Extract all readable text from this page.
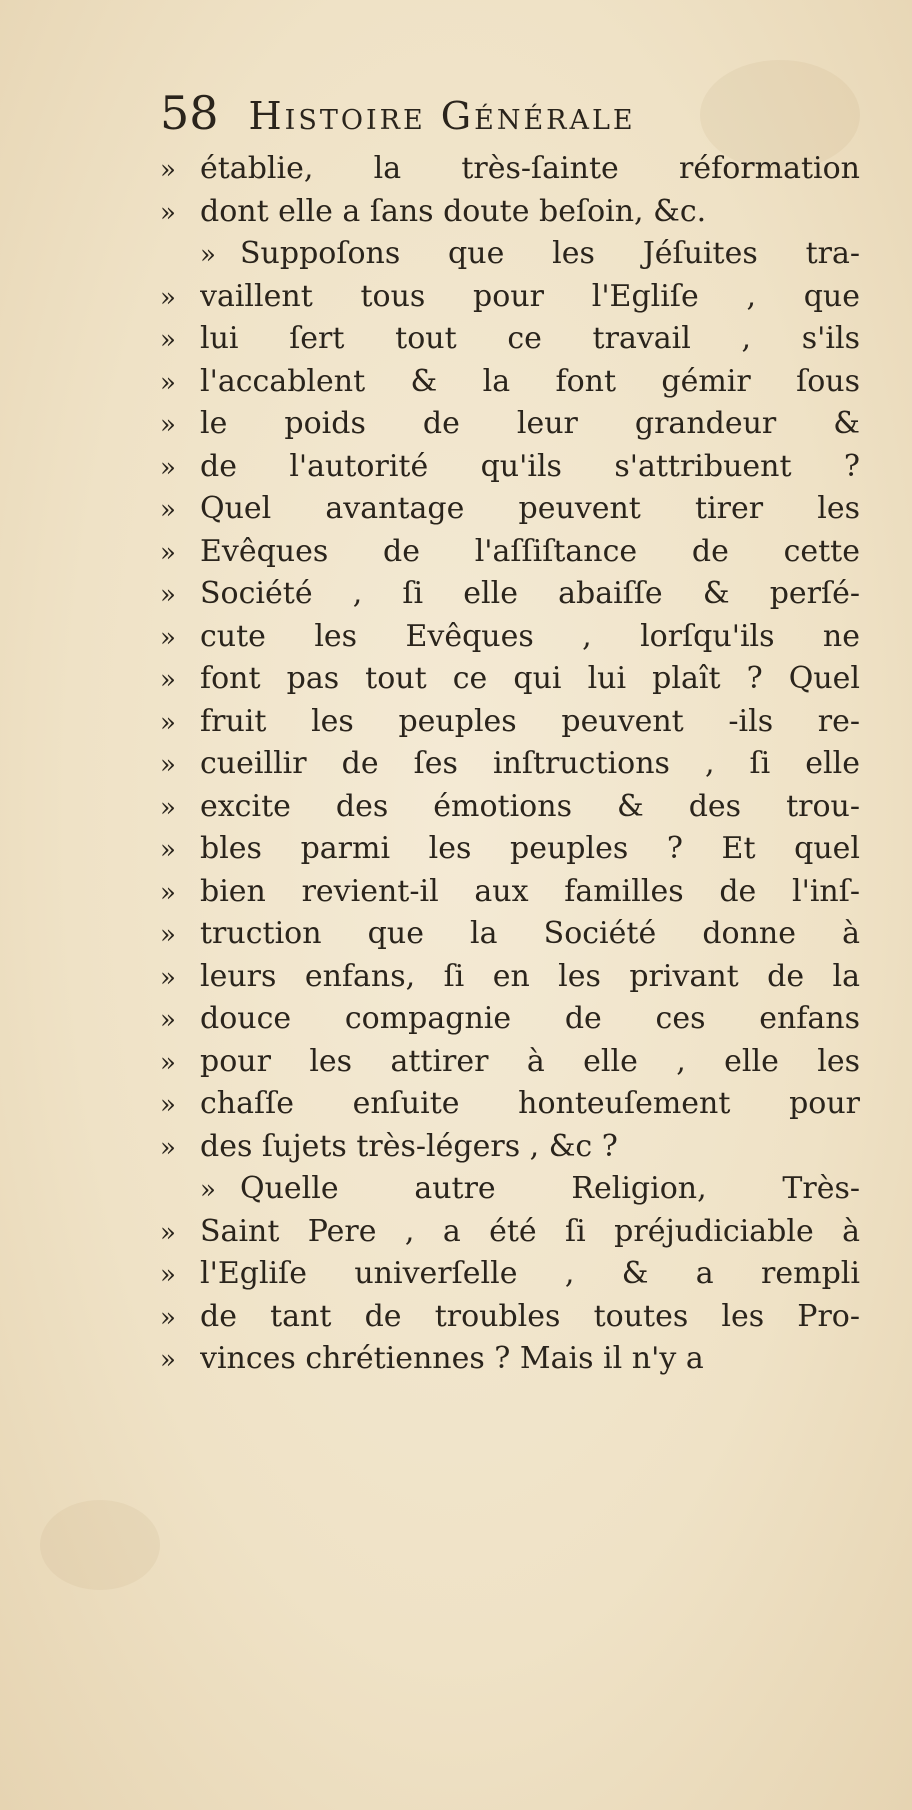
58 Histoire Générale
» établie, la très-ſainte réformation
» dont elle a ſans doute beſoin, &c.
» Suppoſons que les Jéſuites tra-
» vaillent tous pour l'Egliſe , que
» lui ſert tout ce travail , s'ils
» l'accablent & la font gémir ſous
» le poids de leur grandeur &
» de l'autorité qu'ils s'attribuent ?
» Quel avantage peuvent tirer les
» Evêques de l'aſſiſtance de cette
» Société , ſi elle abaiſſe & perſé-
» cute les Evêques , lorſqu'ils ne
» font pas tout ce qui lui plaît ? Quel
» fruit les peuples peuvent -ils re-
» cueillir de ſes inſtructions , ſi elle
» excite des émotions & des trou-
» bles parmi les peuples ? Et quel
» bien revient-il aux familles de l'inſ-
» truction que la Société donne à
» leurs enfans, ſi en les privant de la
» douce compagnie de ces enfans
» pour les attirer à elle , elle les
» chaſſe enſuite honteuſement pour
» des ſujets très-légers , &c ?
» Quelle autre Religion, Très-
» Saint Pere , a été ſi préjudiciable à
» l'Egliſe univerſelle , & a rempli
» de tant de troubles toutes les Pro-
» vinces chrétiennes ? Mais il n'y a
